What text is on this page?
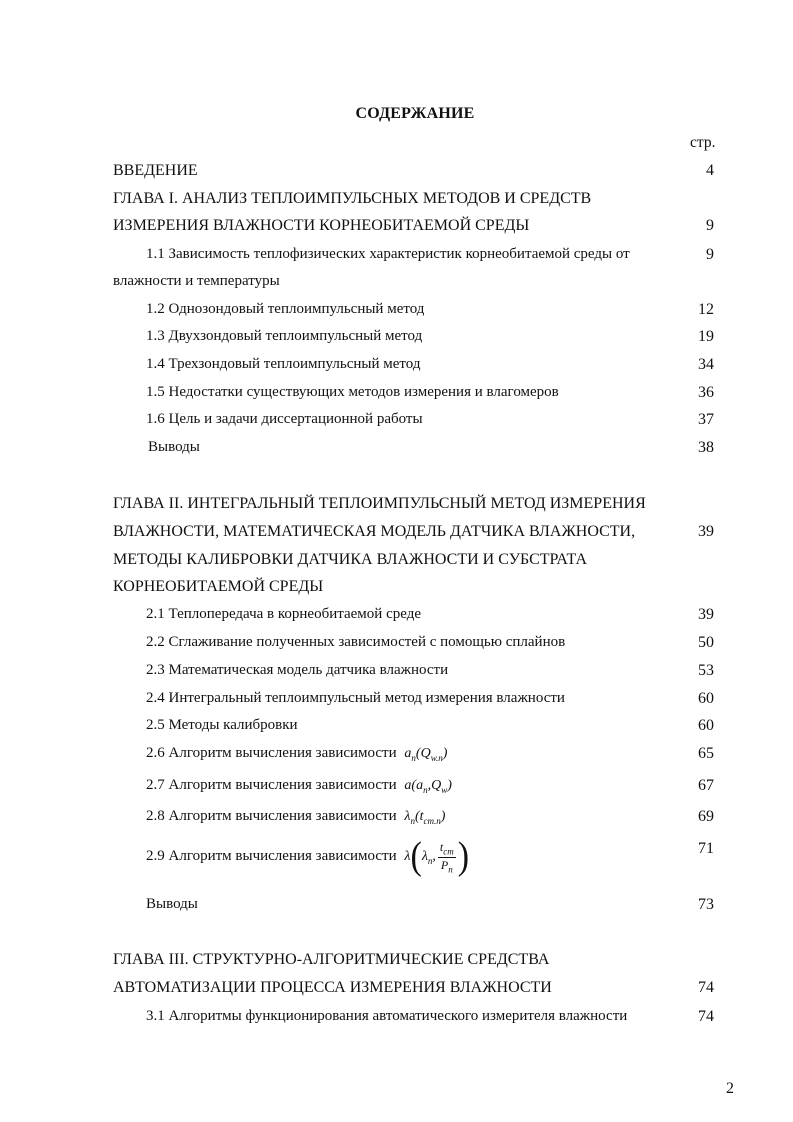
СОДЕРЖАНИЕ
стр.
ВВЕДЕНИЕ	4
ГЛАВА I. АНАЛИЗ ТЕПЛОИМПУЛЬСНЫХ МЕТОДОВ И СРЕДСТВ
ИЗМЕРЕНИЯ ВЛАЖНОСТИ КОРНЕОБИТАЕМОЙ СРЕДЫ	9
1.1 Зависимость теплофизических характеристик корнеобитаемой среды от	9
влажности и температуры
1.2 Однозондовый теплоимпульсный метод	12
1.3 Двухзондовый теплоимпульсный метод	19
1.4 Трехзондовый теплоимпульсный метод	34
1.5 Недостатки существующих методов измерения и влагомеров	36
1.6 Цель и задачи диссертационной работы	37
Выводы	38
ГЛАВА II. ИНТЕГРАЛЬНЫЙ ТЕПЛОИМПУЛЬСНЫЙ МЕТОД ИЗМЕРЕНИЯ
ВЛАЖНОСТИ, МАТЕМАТИЧЕСКАЯ МОДЕЛЬ ДАТЧИКА ВЛАЖНОСТИ,	39
МЕТОДЫ КАЛИБРОВКИ ДАТЧИКА ВЛАЖНОСТИ И СУБСТРАТА
КОРНЕОБИТАЕМОЙ СРЕДЫ
2.1 Теплопередача в корнеобитаемой среде	39
2.2 Сглаживание полученных зависимостей с помощью сплайнов	50
2.3 Математическая модель датчика влажности	53
2.4 Интегральный теплоимпульсный метод измерения влажности	60
2.5 Методы калибровки	60
2.6 Алгоритм вычисления зависимости $a_n(Q_{w.n})$	65
2.7 Алгоритм вычисления зависимости $a(a_n,Q_w)$	67
2.8 Алгоритм вычисления зависимости $\lambda_n(t_{cm.n})$	69
2.9 Алгоритм вычисления зависимости $\lambda(\lambda_n$, $\frac{t_{cm}}{P_n}$ )	71
Выводы	73
ГЛАВА III. СТРУКТУРНО-АЛГОРИТМИЧЕСКИЕ СРЕДСТВА
АВТОМАТИЗАЦИИ ПРОЦЕССА ИЗМЕРЕНИЯ ВЛАЖНОСТИ	74
3.1 Алгоритмы функционирования автоматического измерителя влажности	74
2
